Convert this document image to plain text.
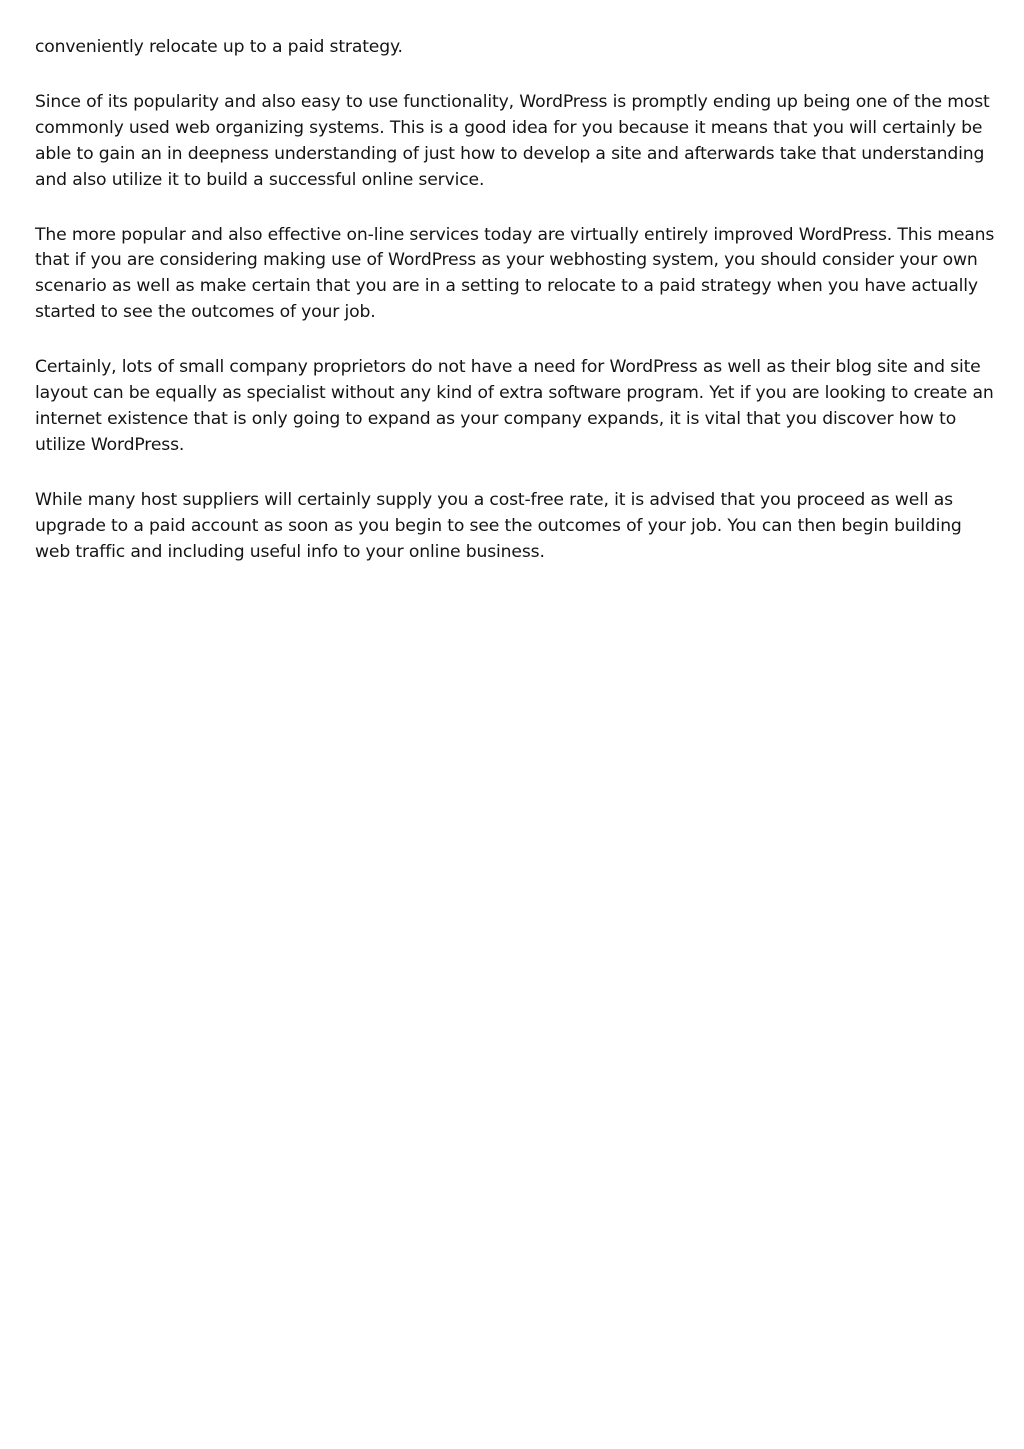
conveniently relocate up to a paid strategy.

Since of its popularity and also easy to use functionality, WordPress is promptly ending up being one of the most commonly used web organizing systems. This is a good idea for you because it means that you will certainly be able to gain an in deepness understanding of just how to develop a site and afterwards take that understanding and also utilize it to build a successful online service.

The more popular and also effective on-line services today are virtually entirely improved WordPress. This means that if you are considering making use of WordPress as your webhosting system, you should consider your own scenario as well as make certain that you are in a setting to relocate to a paid strategy when you have actually started to see the outcomes of your job.

Certainly, lots of small company proprietors do not have a need for WordPress as well as their blog site and site layout can be equally as specialist without any kind of extra software program. Yet if you are looking to create an internet existence that is only going to expand as your company expands, it is vital that you discover how to utilize WordPress.

While many host suppliers will certainly supply you a cost-free rate, it is advised that you proceed as well as upgrade to a paid account as soon as you begin to see the outcomes of your job. You can then begin building web traffic and including useful info to your online business.
